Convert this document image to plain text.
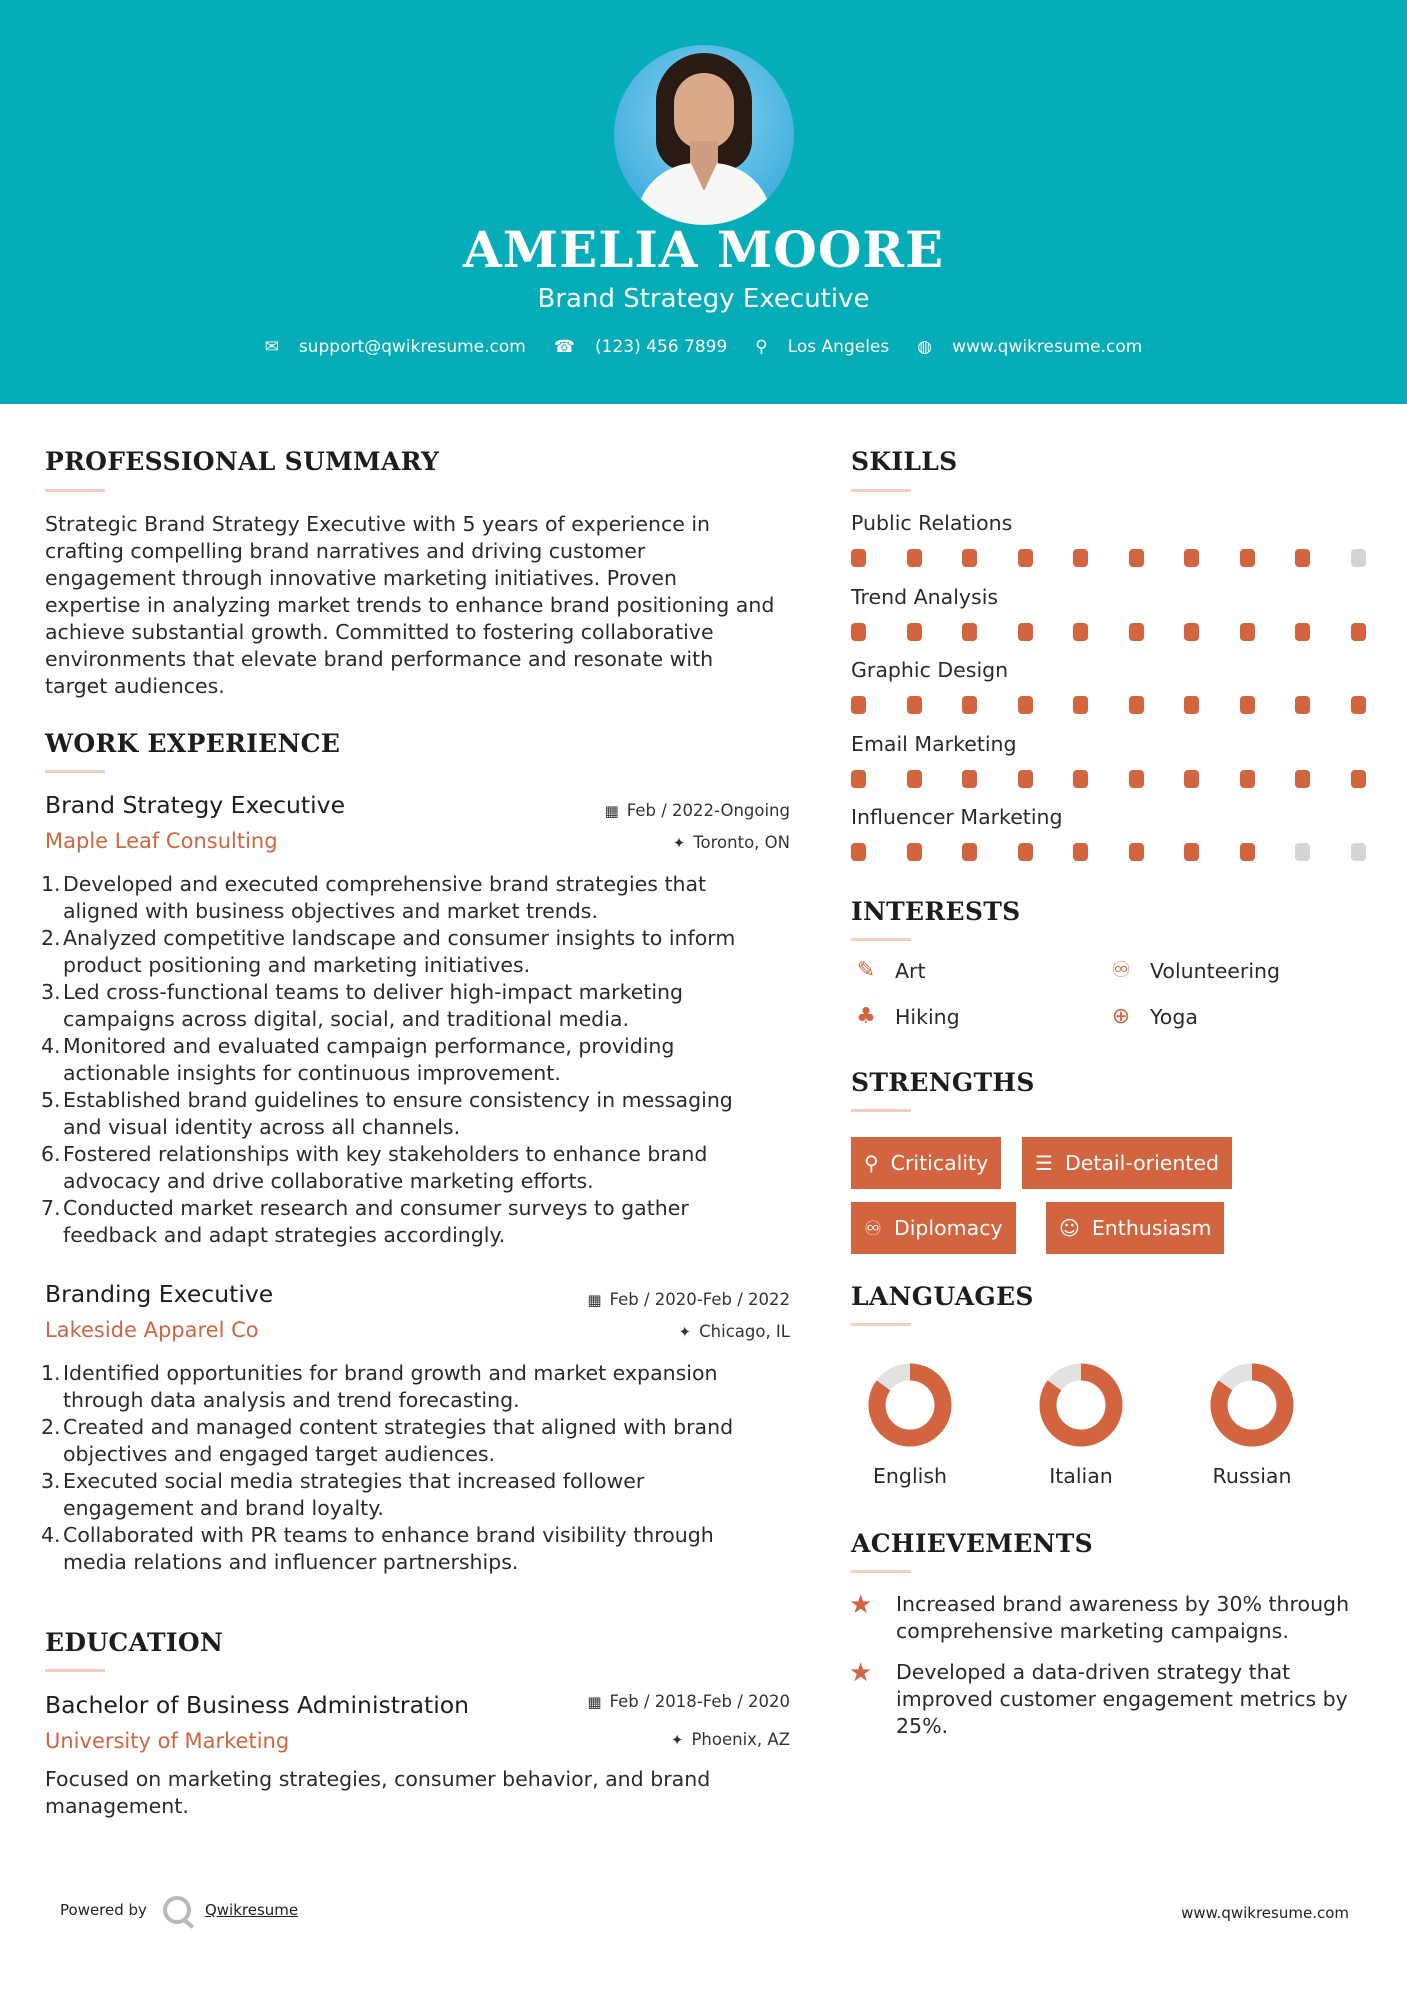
AMELIA MOORE
Brand Strategy Executive
✉ support@qwikresume.com ☎ (123) 456 7899 ⚲ Los Angeles ◍ www.qwikresume.com
PROFESSIONAL SUMMARY
Strategic Brand Strategy Executive with 5 years of experience in
crafting compelling brand narratives and driving customer
engagement through innovative marketing initiatives. Proven
expertise in analyzing market trends to enhance brand positioning and
achieve substantial growth. Committed to fostering collaborative
environments that elevate brand performance and resonate with
target audiences.
WORK EXPERIENCE
Brand Strategy Executive
Maple Leaf Consulting
▦ Feb / 2022-Ongoing
✦ Toronto, ON
1. Developed and executed comprehensive brand strategies that
aligned with business objectives and market trends.
2. Analyzed competitive landscape and consumer insights to inform
product positioning and marketing initiatives.
3. Led cross-functional teams to deliver high-impact marketing
campaigns across digital, social, and traditional media.
4. Monitored and evaluated campaign performance, providing
actionable insights for continuous improvement.
5. Established brand guidelines to ensure consistency in messaging
and visual identity across all channels.
6. Fostered relationships with key stakeholders to enhance brand
advocacy and drive collaborative marketing efforts.
7. Conducted market research and consumer surveys to gather
feedback and adapt strategies accordingly.
Branding Executive
Lakeside Apparel Co
▦ Feb / 2020-Feb / 2022
✦ Chicago, IL
1. Identified opportunities for brand growth and market expansion
through data analysis and trend forecasting.
2. Created and managed content strategies that aligned with brand
objectives and engaged target audiences.
3. Executed social media strategies that increased follower
engagement and brand loyalty.
4. Collaborated with PR teams to enhance brand visibility through
media relations and influencer partnerships.
EDUCATION
Bachelor of Business Administration
University of Marketing
▦ Feb / 2018-Feb / 2020
✦ Phoenix, AZ
Focused on marketing strategies, consumer behavior, and brand
management.
SKILLS
Public Relations
Trend Analysis
Graphic Design
Email Marketing
Influencer Marketing
INTERESTS
✎ Art	♾ Volunteering
♣ Hiking	⊕ Yoga
STRENGTHS
⚲ Criticality ☰ Detail-oriented
♾ Diplomacy	☺ Enthusiasm
LANGUAGES
English	Italian	Russian
ACHIEVEMENTS
★ Increased brand awareness by 30% through
comprehensive marketing campaigns.
★ Developed a data-driven strategy that
improved customer engagement metrics by
25%.
Powered by	Qwikresume	www.qwikresume.com
